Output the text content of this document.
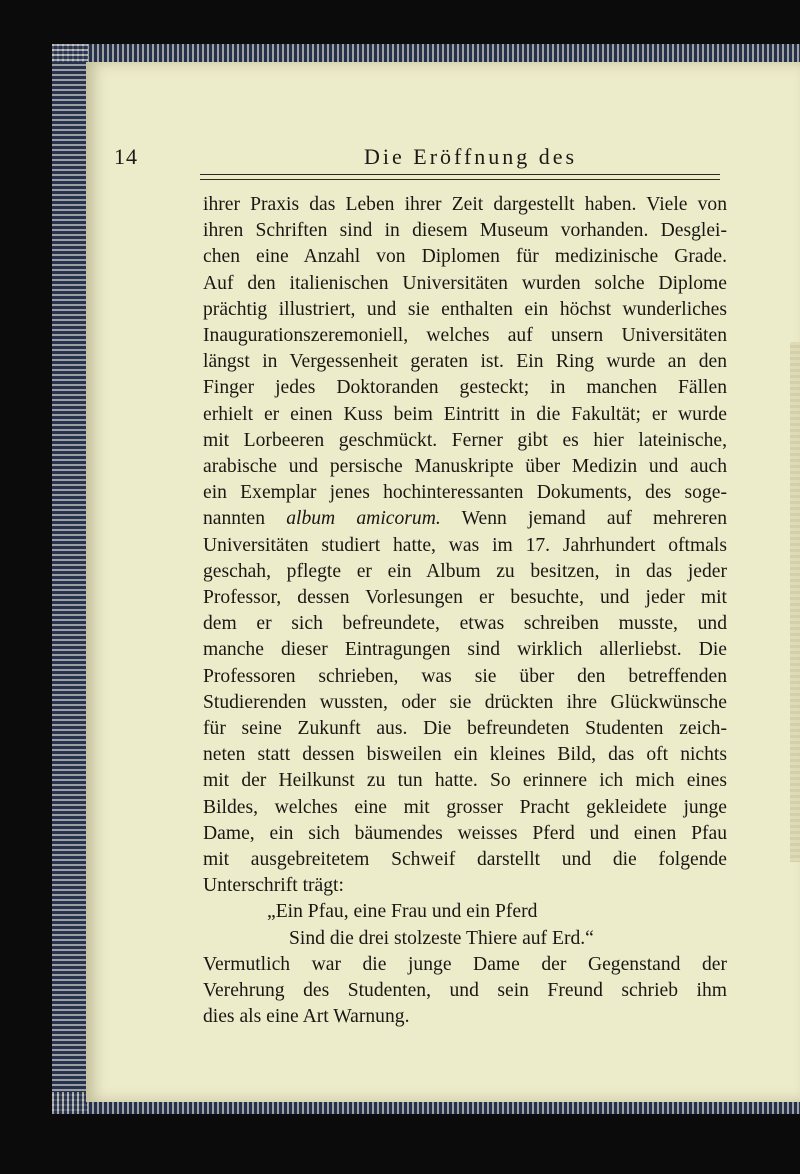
14	Die Eröffnung des
ihrer Praxis das Leben ihrer Zeit dargestellt haben. Viele von
ihren Schriften sind in diesem Museum vorhanden. Desglei-
chen eine Anzahl von Diplomen für medizinische Grade.
Auf den italienischen Universitäten wurden solche Diplome
prächtig illustriert, und sie enthalten ein höchst wunderliches
Inaugurationszeremoniell, welches auf unsern Universitäten
längst in Vergessenheit geraten ist. Ein Ring wurde an den
Finger jedes Doktoranden gesteckt; in manchen Fällen
erhielt er einen Kuss beim Eintritt in die Fakultät; er wurde
mit Lorbeeren geschmückt. Ferner gibt es hier lateinische,
arabische und persische Manuskripte über Medizin und auch
ein Exemplar jenes hochinteressanten Dokuments, des soge-
nannten album amicorum. Wenn jemand auf mehreren
Universitäten studiert hatte, was im 17. Jahrhundert oftmals
geschah, pflegte er ein Album zu besitzen, in das jeder
Professor, dessen Vorlesungen er besuchte, und jeder mit
dem er sich befreundete, etwas schreiben musste, und
manche dieser Eintragungen sind wirklich allerliebst. Die
Professoren schrieben, was sie über den betreffenden
Studierenden wussten, oder sie drückten ihre Glückwünsche
für seine Zukunft aus. Die befreundeten Studenten zeich-
neten statt dessen bisweilen ein kleines Bild, das oft nichts
mit der Heilkunst zu tun hatte. So erinnere ich mich eines
Bildes, welches eine mit grosser Pracht gekleidete junge
Dame, ein sich bäumendes weisses Pferd und einen Pfau
mit ausgebreitetem Schweif darstellt und die folgende
Unterschrift trägt:
„Ein Pfau, eine Frau und ein Pferd
Sind die drei stolzeste Thiere auf Erd.“
Vermutlich war die junge Dame der Gegenstand der
Verehrung des Studenten, und sein Freund schrieb ihm
dies als eine Art Warnung.
